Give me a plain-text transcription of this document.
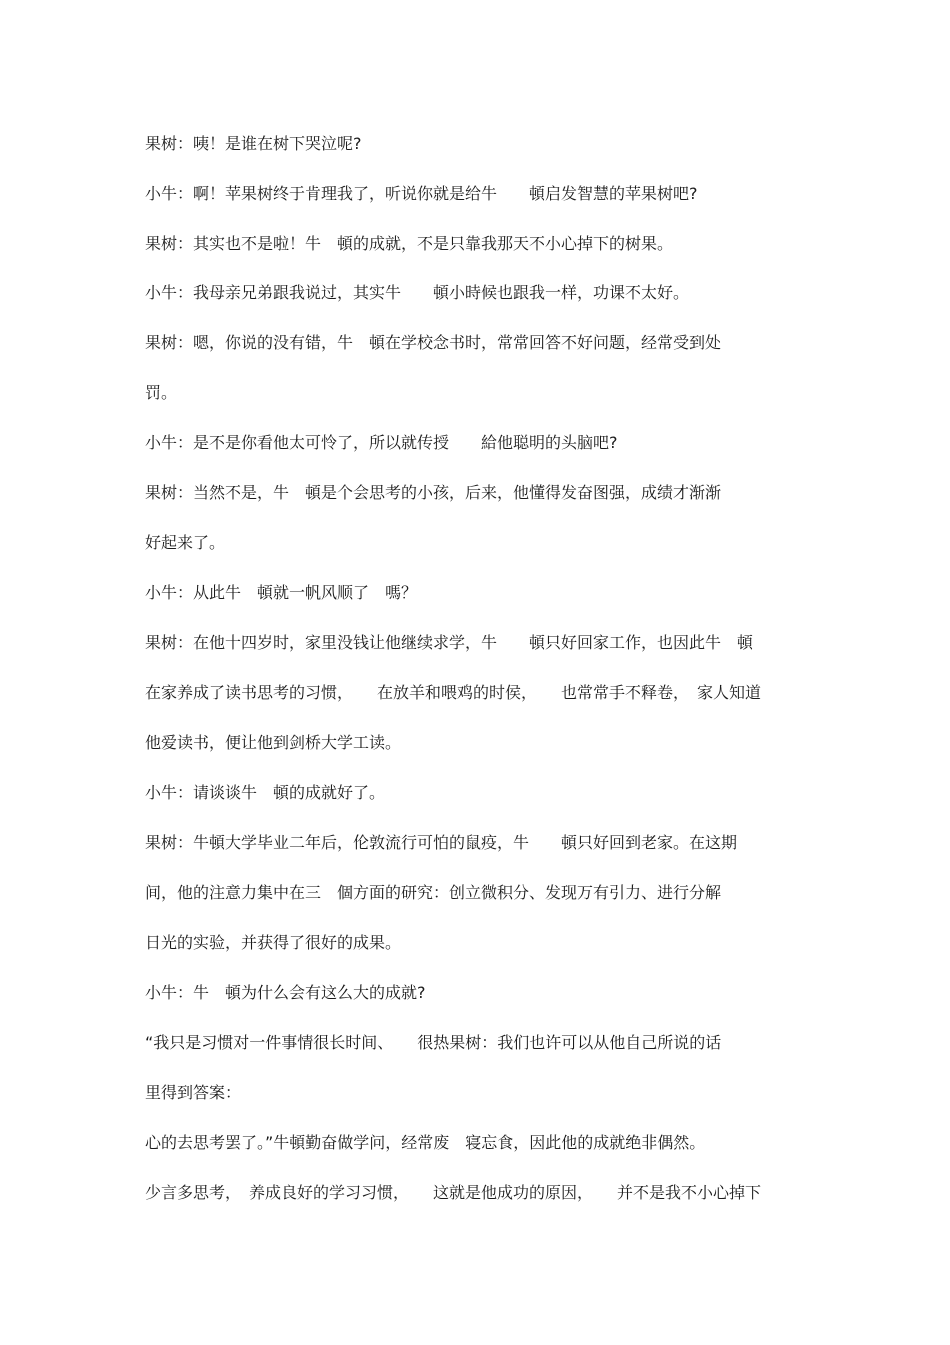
果树：咦！是谁在树下哭泣呢?

小牛：啊！苹果树终于肯理我了，听说你就是给牛　　頓启发智慧的苹果树吧?

果树：其实也不是啦！牛　頓的成就，不是只靠我那天不小心掉下的树果。

小牛：我母亲兄弟跟我说过，其实牛　　頓小時候也跟我一样，功课不太好。

果树：嗯，你说的没有错，牛　頓在学校念书时，常常回答不好问题，经常受到处

罚。

小牛：是不是你看他太可怜了，所以就传授　　給他聪明的头脑吧?

果树：当然不是，牛　頓是个会思考的小孩，后来，他懂得发奋图强，成绩才渐渐

好起来了。

小牛：从此牛　頓就一帆风顺了　嗎？

果树：在他十四岁时，家里没钱让他继续求学，牛　　頓只好回家工作，也因此牛　頓

在家养成了读书思考的习惯，　　在放羊和喂鸡的时侯，　　也常常手不释卷，　家人知道

他爱读书，便让他到剑桥大学工读。

小牛：请谈谈牛　頓的成就好了。

果树：牛頓大学毕业二年后，伦敦流行可怕的鼠疫，牛　　頓只好回到老家。在这期

间，他的注意力集中在三　個方面的研究：创立微积分、发现万有引力、进行分解

日光的实验，并获得了很好的成果。

小牛：牛　頓为什么会有这么大的成就?

“我只是习惯对一件事情很长时间、　　很热果树：我们也许可以从他自己所说的话

里得到答案：

心的去思考罢了。”牛頓勤奋做学问，经常废　寝忘食，因此他的成就绝非偶然。

少言多思考，　养成良好的学习习惯，　　这就是他成功的原因，　　并不是我不小心掉下
